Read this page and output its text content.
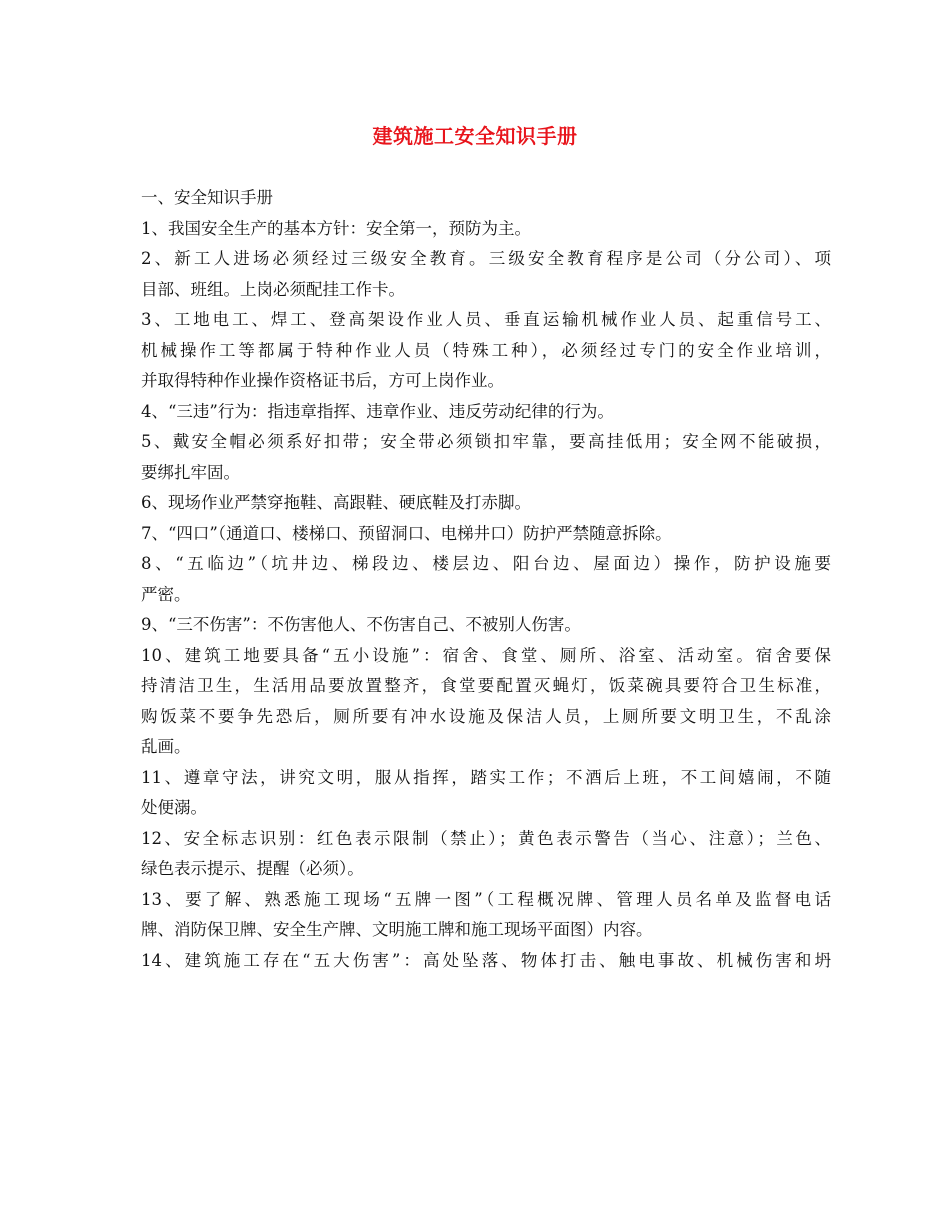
建筑施工安全知识手册
一、安全知识手册
1、我国安全生产的基本方针：安全第一，预防为主。
2、新工人进场必须经过三级安全教育。三级安全教育程序是公司（分公司）、项
目部、班组。上岗必须配挂工作卡。
3、工地电工、焊工、登高架设作业人员、垂直运输机械作业人员、起重信号工、
机械操作工等都属于特种作业人员（特殊工种），必须经过专门的安全作业培训，
并取得特种作业操作资格证书后，方可上岗作业。
4、“三违”行为：指违章指挥、违章作业、违反劳动纪律的行为。
5、戴安全帽必须系好扣带；安全带必须锁扣牢靠，要高挂低用；安全网不能破损，
要绑扎牢固。
6、现场作业严禁穿拖鞋、高跟鞋、硬底鞋及打赤脚。
7、“四口”（通道口、楼梯口、预留洞口、电梯井口）防护严禁随意拆除。
8、“五临边”（坑井边、梯段边、楼层边、阳台边、屋面边）操作，防护设施要
严密。
9、“三不伤害”：不伤害他人、不伤害自己、不被别人伤害。
10、建筑工地要具备“五小设施”：宿舍、食堂、厕所、浴室、活动室。宿舍要保
持清洁卫生，生活用品要放置整齐，食堂要配置灭蝇灯，饭菜碗具要符合卫生标准，
购饭菜不要争先恐后，厕所要有冲水设施及保洁人员，上厕所要文明卫生，不乱涂
乱画。
11、遵章守法，讲究文明，服从指挥，踏实工作；不酒后上班，不工间嬉闹，不随
处便溺。
12、安全标志识别：红色表示限制（禁止）；黄色表示警告（当心、注意）；兰色、
绿色表示提示、提醒（必须）。
13、要了解、熟悉施工现场“五牌一图”（工程概况牌、管理人员名单及监督电话
牌、消防保卫牌、安全生产牌、文明施工牌和施工现场平面图）内容。
14、建筑施工存在“五大伤害”：高处坠落、物体打击、触电事故、机械伤害和坍
